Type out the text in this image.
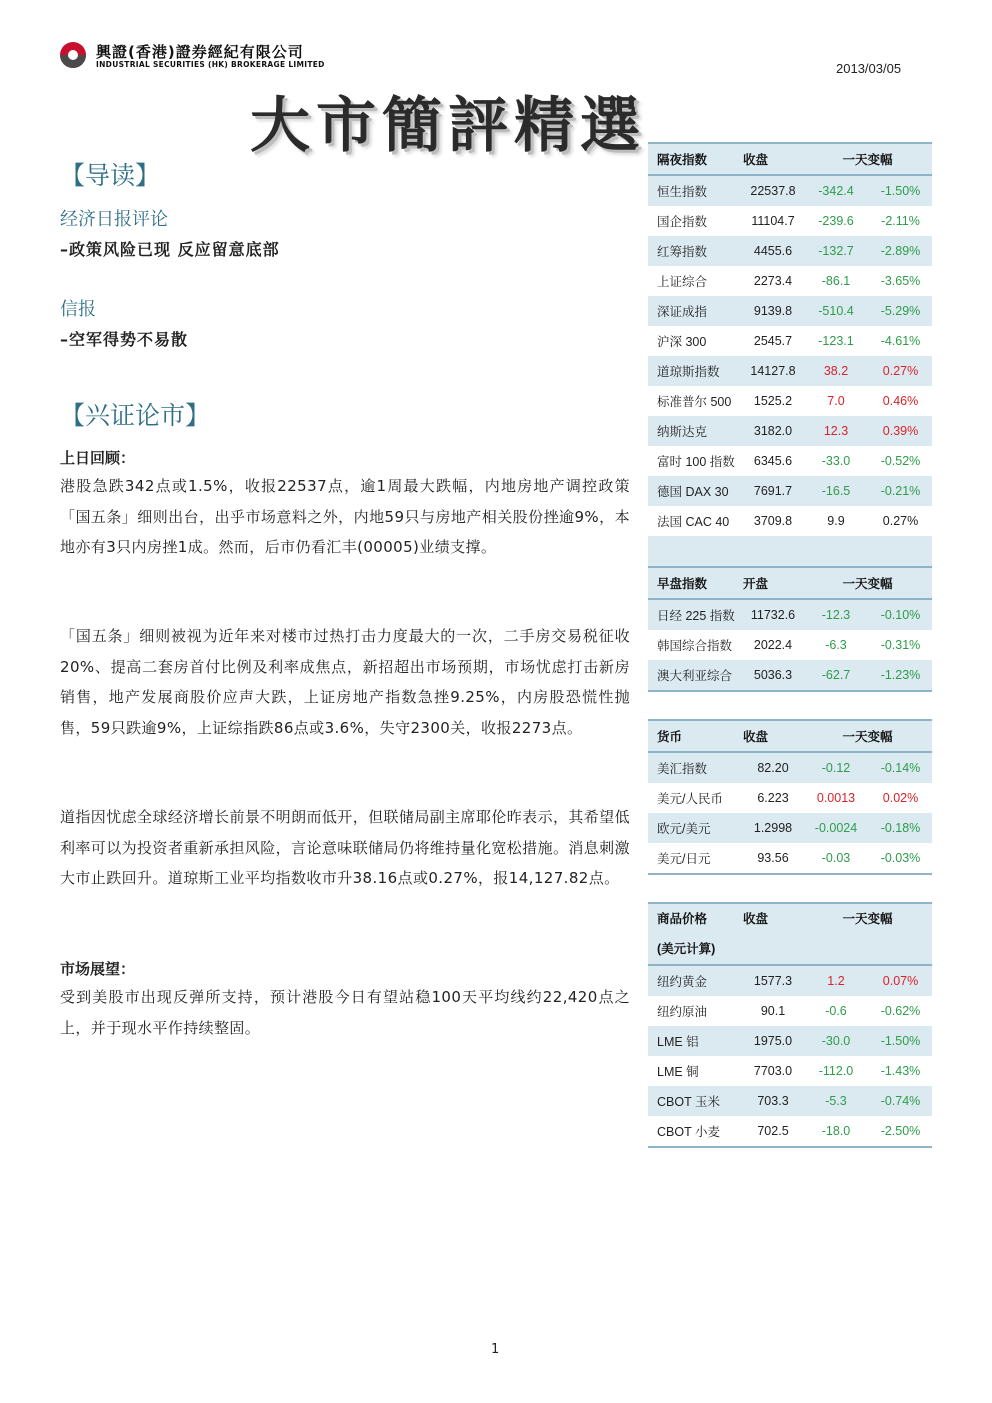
興證(香港)證券經紀有限公司
INDUSTRIAL SECURITIES (HK) BROKERAGE LIMITED	2013/03/05
大市簡評精選
【导读】
经济日报评论
–政策风险已现 反应留意底部
信报
–空军得势不易散
【兴证论市】
上日回顾：

港股急跌342点或1.5%，收报22537点，逾1周最大跌幅，内地房地产调控政策「国五条」细则出台，出乎市场意料之外，内地59只与房地产相关股份挫逾9%，本地亦有3只内房挫1成。然而，后市仍看汇丰(00005)业绩支撑。

「国五条」细则被视为近年来对楼市过热打击力度最大的一次，二手房交易税征收20%、提高二套房首付比例及利率成焦点，新招超出市场预期，市场忧虑打击新房销售，地产发展商股价应声大跌，上证房地产指数急挫9.25%，内房股恐慌性抛售，59只跌逾9%，上证综指跌86点或3.6%，失守2300关，收报2273点。

道指因忧虑全球经济增长前景不明朗而低开，但联储局副主席耶伦昨表示，其希望低利率可以为投资者重新承担风险，言论意味联储局仍将维持量化宽松措施。消息刺激大市止跌回升。道琼斯工业平均指数收市升38.16点或0.27%，报14,127.82点。

市场展望：

受到美股市出现反弹所支持，预计港股今日有望站稳100天平均线约22,420点之上，并于现水平作持续整固。

隔夜指数	收盘	一天变幅
恒生指数	22537.8	-342.4	-1.50%
国企指数	11104.7	-239.6	-2.11%
红筹指数	4455.6	-132.7	-2.89%
上证综合	2273.4	-86.1	-3.65%
深证成指	9139.8	-510.4	-5.29%
沪深 300	2545.7	-123.1	-4.61%
道琼斯指数	14127.8	38.2	0.27%
标准普尔 500	1525.2	7.0	0.46%
纳斯达克	3182.0	12.3	0.39%
富时 100 指数	6345.6	-33.0	-0.52%
德国 DAX 30	7691.7	-16.5	-0.21%
法国 CAC 40	3709.8	9.9	0.27%
早盘指数	开盘	一天变幅
日经 225 指数	11732.6	-12.3	-0.10%
韩国综合指数	2022.4	-6.3	-0.31%
澳大利亚综合	5036.3	-62.7	-1.23%
货币	收盘	一天变幅
美汇指数	82.20	-0.12	-0.14%
美元/人民币	6.223	0.0013	0.02%
欧元/美元	1.2998	-0.0024	-0.18%
美元/日元	93.56	-0.03	-0.03%
商品价格
(美元计算)
收盘	一天变幅
纽约黄金	1577.3	1.2	0.07%
纽约原油	90.1	-0.6	-0.62%
LME 铝	1975.0	-30.0	-1.50%
LME 铜	7703.0	-112.0	-1.43%
CBOT 玉米	703.3	-5.3	-0.74%
CBOT 小麦	702.5	-18.0	-2.50%
1
